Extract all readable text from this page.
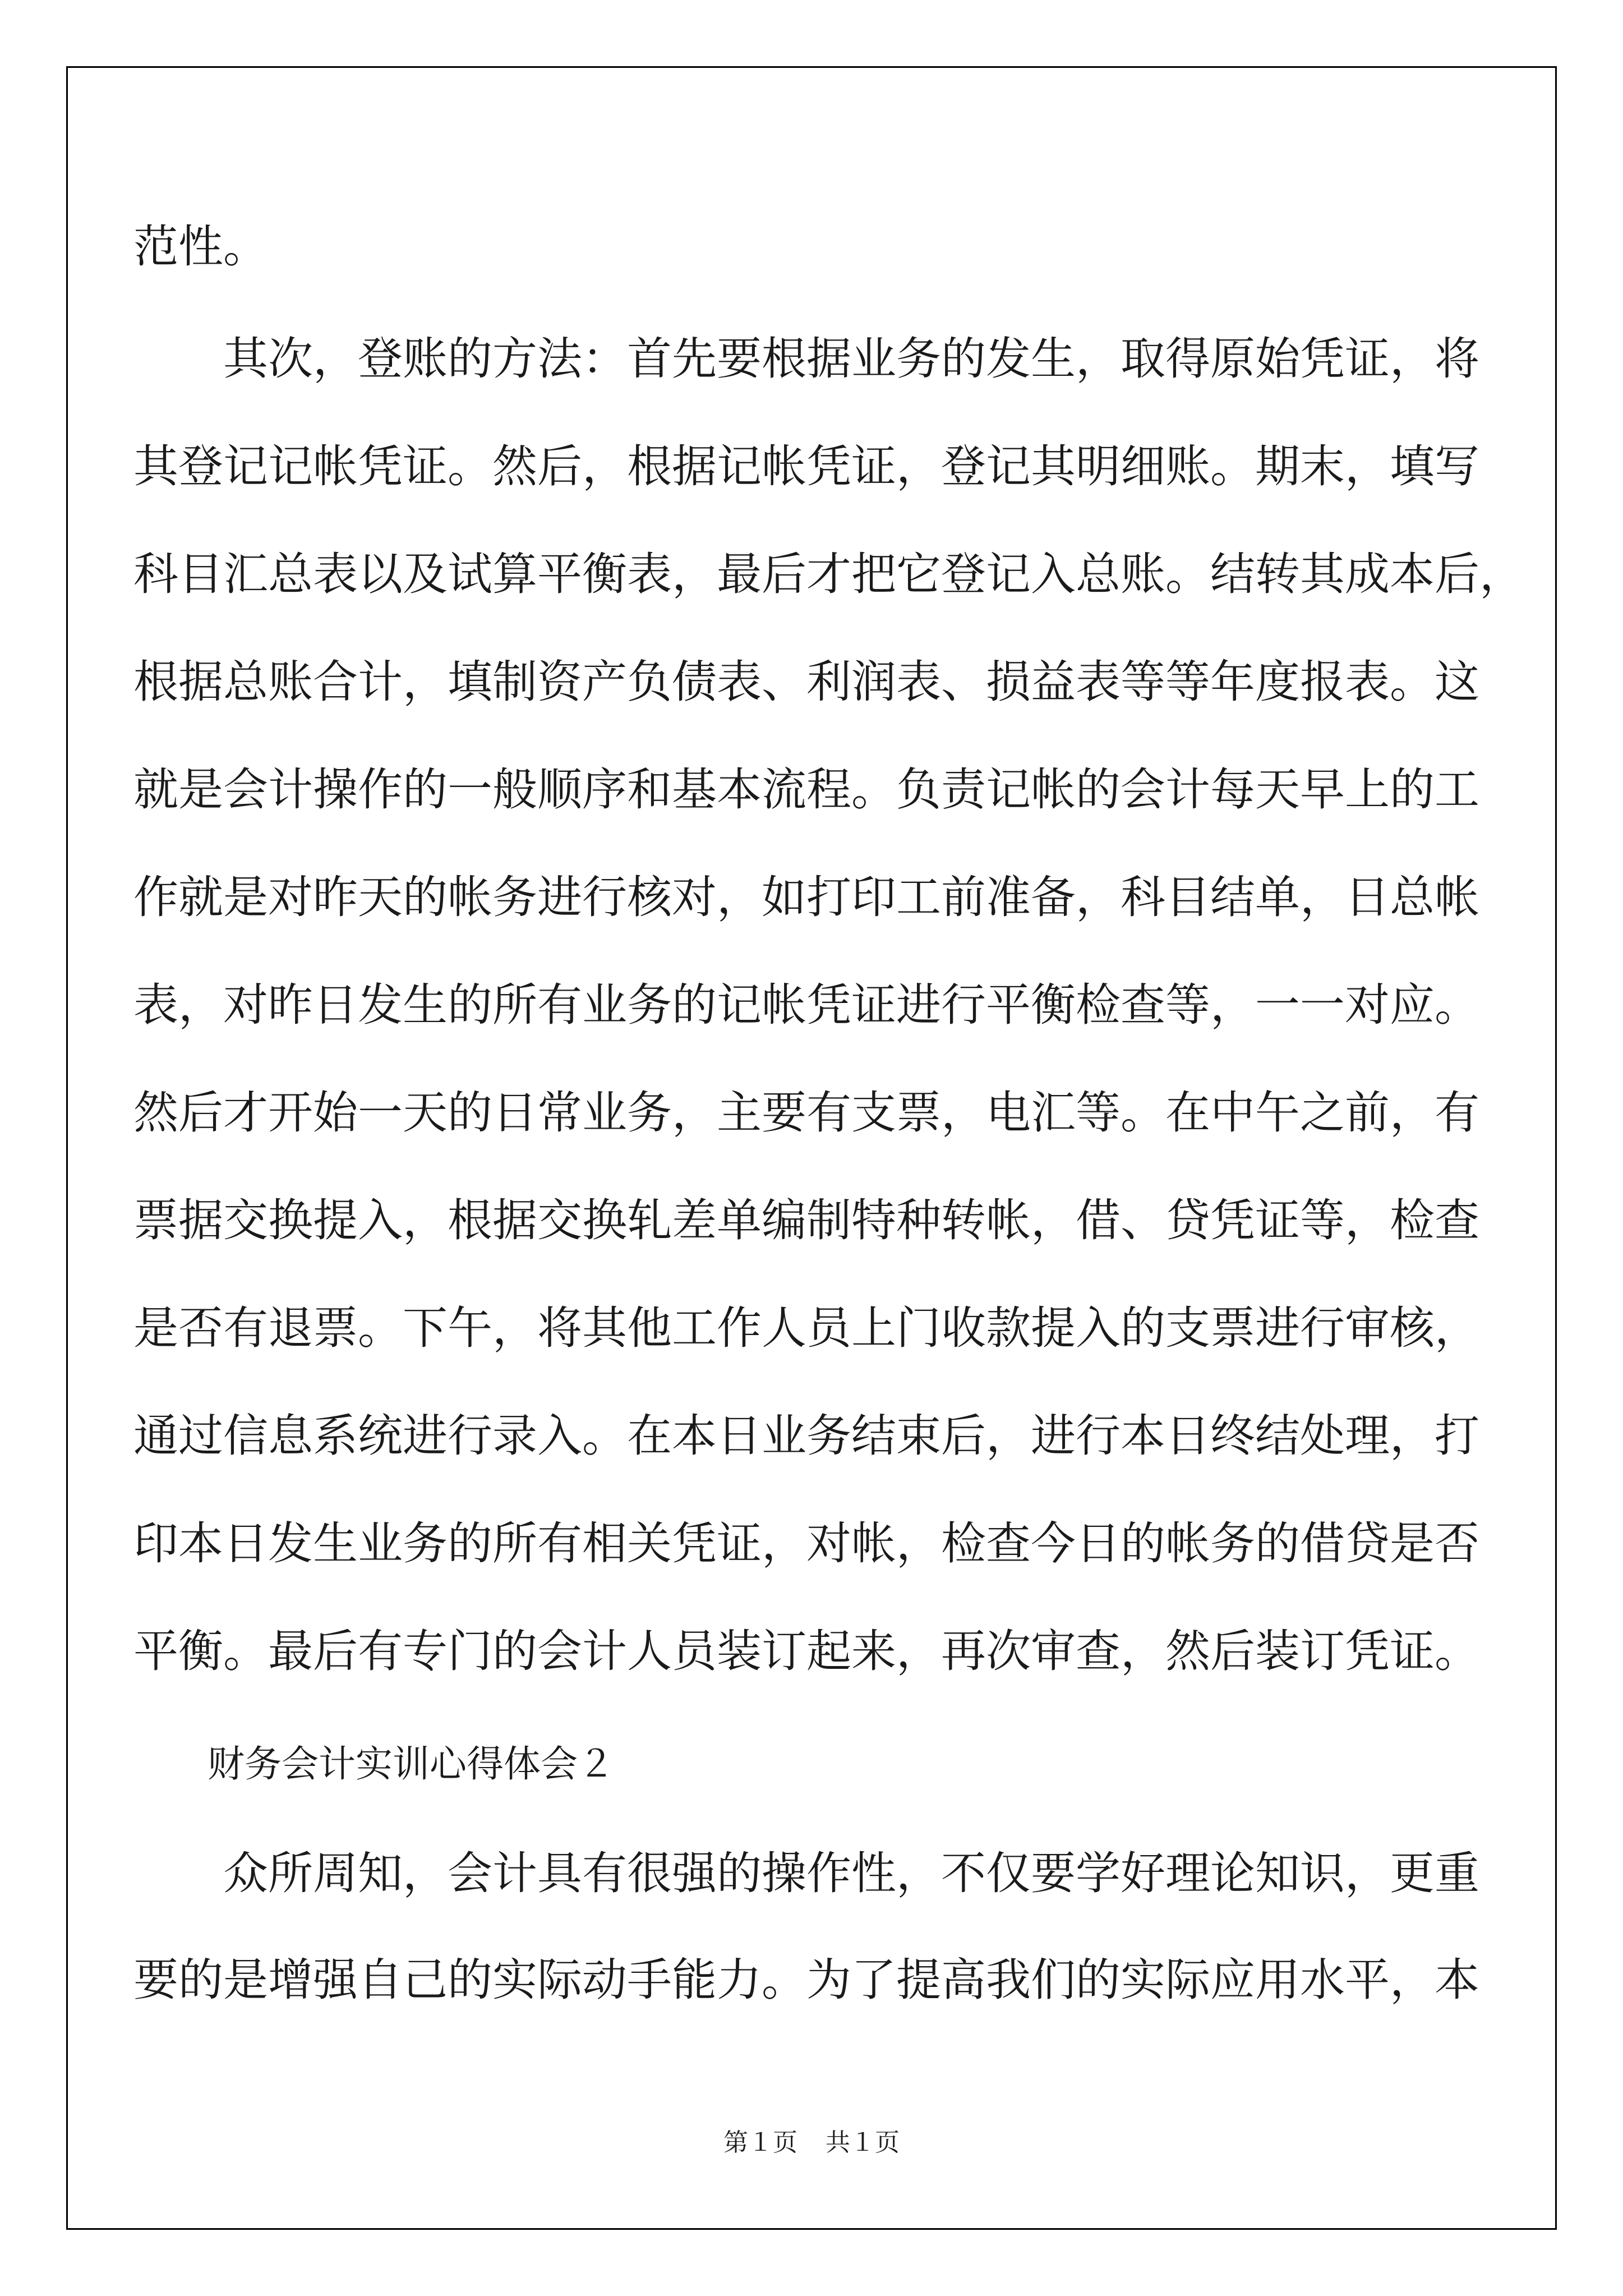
范性。
　　其次，登账的方法：首先要根据业务的发生，取得原始凭证，将
其登记记帐凭证。然后，根据记帐凭证，登记其明细账。期末，填写
科目汇总表以及试算平衡表，最后才把它登记入总账。结转其成本后，
根据总账合计，填制资产负债表、利润表、损益表等等年度报表。这
就是会计操作的一般顺序和基本流程。负责记帐的会计每天早上的工
作就是对昨天的帐务进行核对，如打印工前准备，科目结单，日总帐
表，对昨日发生的所有业务的记帐凭证进行平衡检查等，一一对应。
然后才开始一天的日常业务，主要有支票，电汇等。在中午之前，有
票据交换提入，根据交换轧差单编制特种转帐，借、贷凭证等，检查
是否有退票。下午，将其他工作人员上门收款提入的支票进行审核，
通过信息系统进行录入。在本日业务结束后，进行本日终结处理，打
印本日发生业务的所有相关凭证，对帐，检查今日的帐务的借贷是否
平衡。最后有专门的会计人员装订起来，再次审查，然后装订凭证。
　　财务会计实训心得体会２
　　众所周知，会计具有很强的操作性，不仅要学好理论知识，更重
要的是增强自己的实际动手能力。为了提高我们的实际应用水平，本
第１页 共１页
